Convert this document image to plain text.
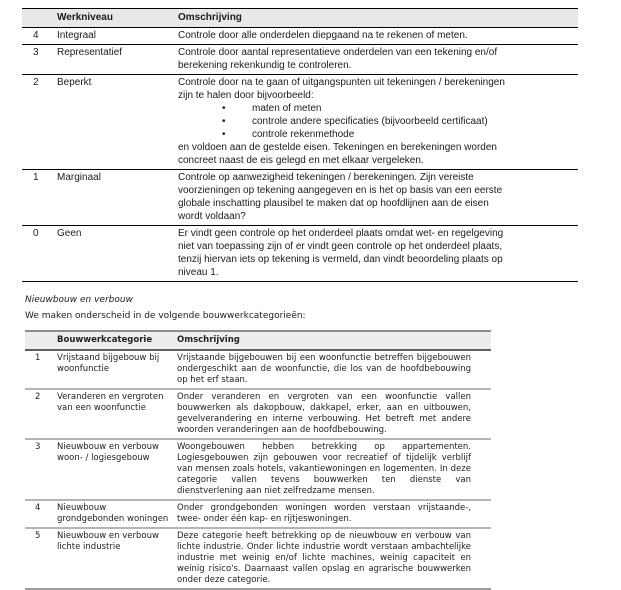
	Werkniveau	Omschrijving
4	Integraal	Controle door alle onderdelen diepgaand na te rekenen of meten.
3	Representatief	Controle door aantal representatieve onderdelen van een tekening en/of berekening rekenkundig te controleren.
2	Beperkt	Controle door na te gaan of uitgangspunten uit tekeningen / berekeningen zijn te halen door bijvoorbeeld:

• maten of meten
• controle andere specificaties (bijvoorbeeld certificaat)
• controle rekenmethode

en voldoen aan de gestelde eisen. Tekeningen en berekeningen worden concreet naast de eis gelegd en met elkaar vergeleken.

1	Marginaal	Controle op aanwezigheid tekeningen / berekeningen. Zijn vereiste voorzieningen op tekening aangegeven en is het op basis van een eerste globale inschatting plausibel te maken dat op hoofdlijnen aan de eisen wordt voldaan?
0	Geen	Er vindt geen controle op het onderdeel plaats omdat wet- en regelgeving niet van toepassing zijn of er vindt geen controle op het onderdeel plaats, tenzij hiervan iets op tekening is vermeld, dan vindt beoordeling plaats op niveau 1.

Nieuwbouw en verbouw

We maken onderscheid in de volgende bouwwerkcategorieën:

	Bouwwerkcategorie	Omschrijving
1	Vrijstaand bijgebouw bij woonfunctie	Vrijstaande bijgebouwen bij een woonfunctie betreffen bijgebouwen ondergeschikt aan de woonfunctie, die los van de hoofdbebouwing op het erf staan.
2	Veranderen en vergroten van een woonfunctie	Onder veranderen en vergroten van een woonfunctie vallen bouwwerken als dakopbouw, dakkapel, erker, aan en uitbouwen, gevelverandering en interne verbouwing. Het betreft met andere woorden veranderingen aan de hoofdbebouwing.
3	Nieuwbouw en verbouw woon- / logiesgebouw	Woongebouwen hebben betrekking op appartementen. Logiesgebouwen zijn gebouwen voor recreatief of tijdelijk verblijf van mensen zoals hotels, vakantiewoningen en logementen. In deze categorie vallen tevens bouwwerken ten dienste van dienstverlening aan niet zelfredzame mensen.
4	Nieuwbouw grondgebonden woningen	Onder grondgebonden woningen worden verstaan vrijstaande-, twee- onder één kap- en rijtjeswoningen.
5	Nieuwbouw en verbouw lichte industrie	Deze categorie heeft betrekking op de nieuwbouw en verbouw van lichte industrie. Onder lichte industrie wordt verstaan ambachtelijke industrie met weinig en/of lichte machines, weinig capaciteit en weinig risico's. Daarnaast vallen opslag en agrarische bouwwerken onder deze categorie.
